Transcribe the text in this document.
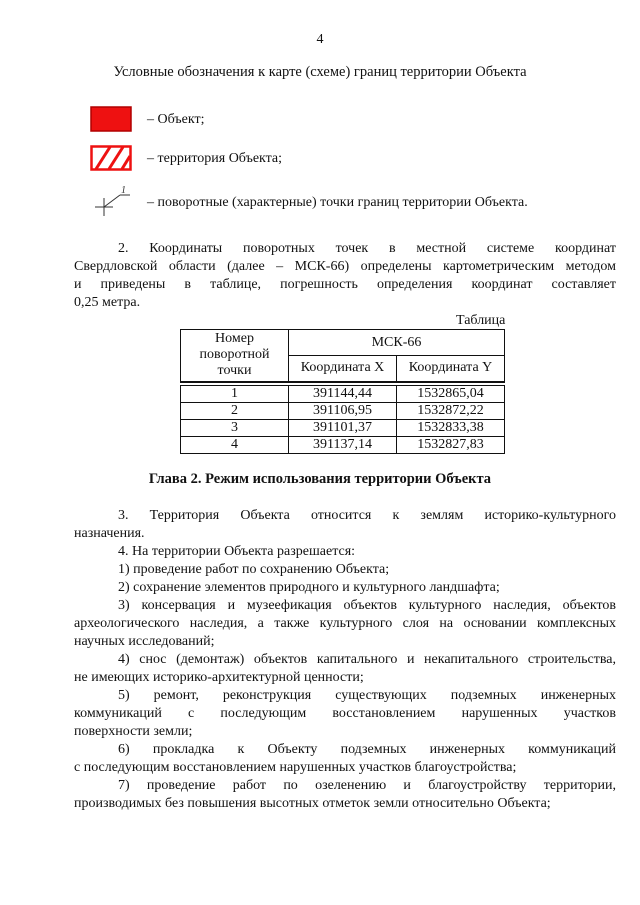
4
Условные обозначения к карте (схеме) границ территории Объекта
– Объект;
– территория Объекта;
1
– поворотные (характерные) точки границ территории Объекта.
2. Координаты поворотных точек в местной системе координат
Свердловской области (далее – МСК-66) определены картометрическим методом
и приведены в таблице, погрешность определения координат составляет
0,25 метра.
Таблица
Номер поворотной точки	МСК-66	
	Координата X	Координата Y

1	391144,44	1532865,04
2	391106,95	1532872,22
3	391101,37	1532833,38
4	391137,14	1532827,83
Глава 2. Режим использования территории Объекта
3. Территория Объекта относится к землям историко-культурного
назначения.
4. На территории Объекта разрешается:
1) проведение работ по сохранению Объекта;
2) сохранение элементов природного и культурного ландшафта;
3) консервация и музеефикация объектов культурного наследия, объектов
археологического наследия, а также культурного слоя на основании комплексных
научных исследований;
4) снос (демонтаж) объектов капитального и некапитального строительства,
не имеющих историко-архитектурной ценности;
5) ремонт, реконструкция существующих подземных инженерных
коммуникаций с последующим восстановлением нарушенных участков
поверхности земли;
6) прокладка к Объекту подземных инженерных коммуникаций
с последующим восстановлением нарушенных участков благоустройства;
7) проведение работ по озеленению и благоустройству территории,
производимых без повышения высотных отметок земли относительно Объекта;
